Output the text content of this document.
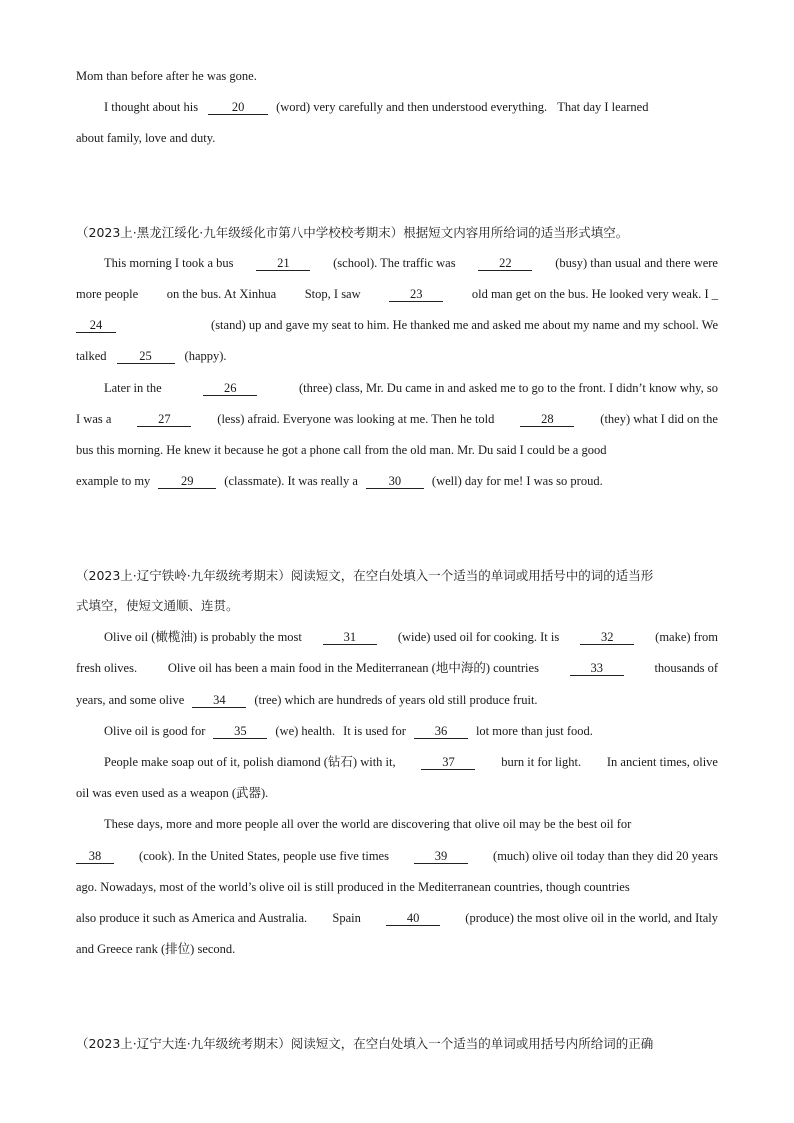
Mom than before after he was gone.
I thought about his	20	(word) very carefully and then understood everything. That day I learned
about family, love and duty.
（2023上·黑龙江绥化·九年级绥化市第八中学校校考期末）根据短文内容用所给词的适当形式填空。
This morning I took a bus	21	(school). The traffic was	22	(busy) than usual and there were
more people on the bus. At Xinhua Stop, I saw	23	old man get on the bus. He looked very weak. I _
24	(stand) up and gave my seat to him. He thanked me and asked me about my name and my school. We
talked	25	(happy).
Later in the	26	(three) class, Mr. Du came in and asked me to go to the front. I didn’t know why, so
I was a	27	(less) afraid. Everyone was looking at me. Then he told	28	(they) what I did on the
bus this morning. He knew it because he got a phone call from the old man. Mr. Du said I could be a good
example to my	29	(classmate). It was really a	30	(well) day for me! I was so proud.
（2023上·辽宁铁岭·九年级统考期末）阅读短文，在空白处填入一个适当的单词或用括号中的词的适当形
式填空，使短文通顺、连贯。
Olive oil (橄榄油) is probably the most	31	(wide) used oil for cooking. It is	32	(make) from
fresh olives. Olive oil has been a main food in the Mediterranean (地中海的) countries	33	thousands of
years, and some olive	34	(tree) which are hundreds of years old still produce fruit.
Olive oil is good for	35	(we) health. It is used for	36	lot more than just food.
People make soap out of it, polish diamond (钻石) with it,	37	burn it for light. In ancient times, olive
oil was even used as a weapon (武器).
These days, more and more people all over the world are discovering that olive oil may be the best oil for
38	(cook). In the United States, people use five times	39	(much) olive oil today than they did 20 years
ago. Nowadays, most of the world’s olive oil is still produced in the Mediterranean countries, though countries
also produce it such as America and Australia. Spain	40	(produce) the most olive oil in the world, and Italy
and Greece rank (排位) second.
（2023上·辽宁大连·九年级统考期末）阅读短文，在空白处填入一个适当的单词或用括号内所给词的正确
